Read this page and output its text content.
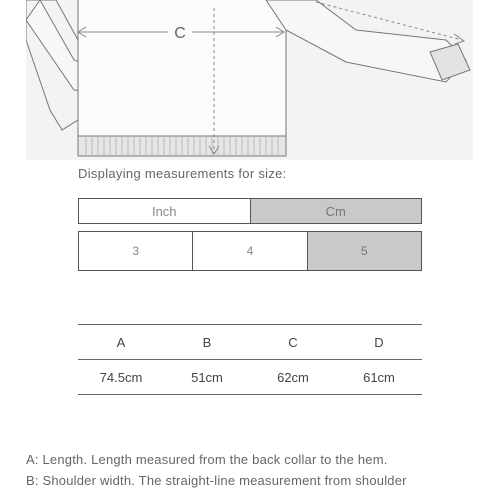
C
Displaying measurements for size:
Inch	Cm
3	4	5
A	B	C	D
74.5cm	51cm	62cm	61cm

A: Length. Length measured from the back collar to the hem.

B: Shoulder width. The straight-line measurement from shoulder
